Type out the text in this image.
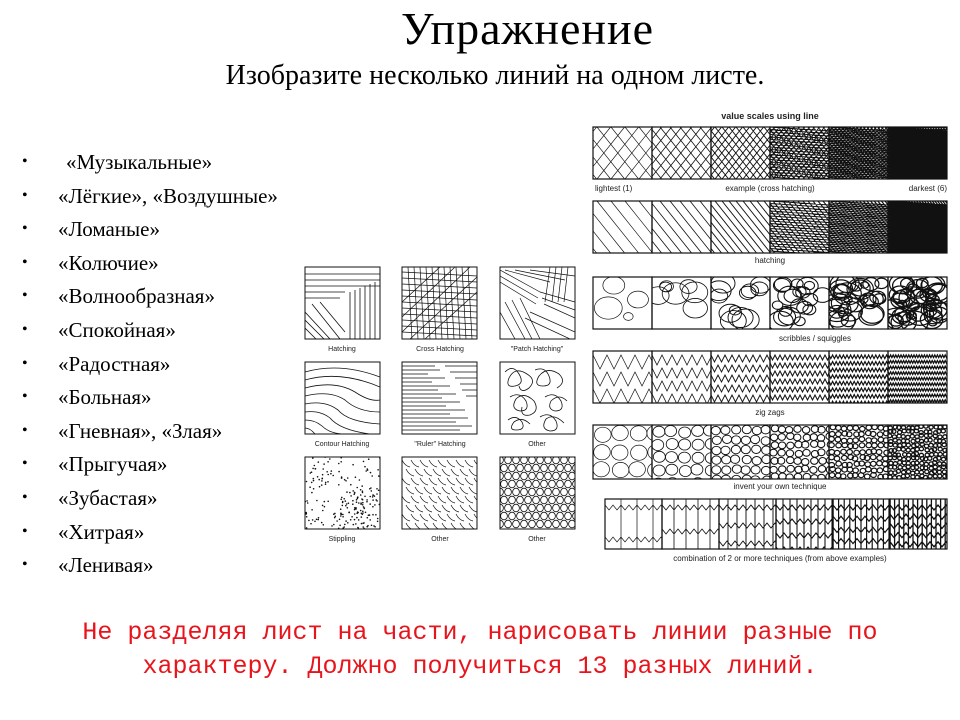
Упражнение
Изобразите несколько линий на одном листе.
• «Музыкальные»
• «Лёгкие», «Воздушные»
• «Ломаные»
• «Колючие»
• «Волнообразная»
• «Спокойная»
• «Радостная»
• «Больная»
• «Гневная», «Злая»
• «Прыгучая»
• «Зубастая»
• «Хитрая»
• «Ленивая»
Hatching	Cross Hatching	"Patch Hatching"
Contour Hatching	"Ruler" Hatching	Other
Stippling	Other	Other
value scales using line
lightest (1)	example (cross hatching)	darkest (6)
hatching
scribbles / squiggles
zig zags
invent your own technique
combination of 2 or more techniques (from above examples)
Не разделяя лист на части, нарисовать линии разные по
характеру. Должно получиться 13 разных линий.
